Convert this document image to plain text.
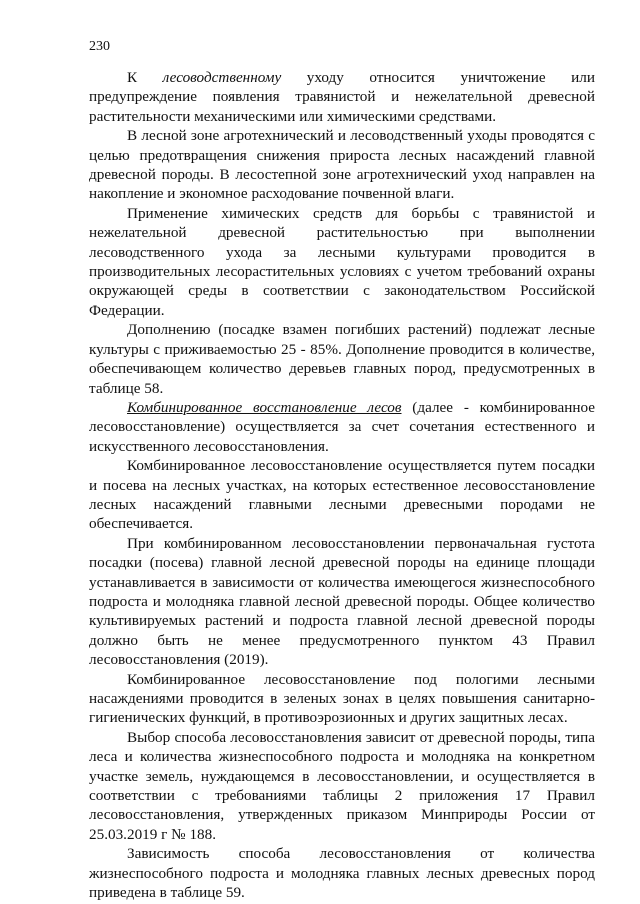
230

К лесоводственному уходу относится уничтожение или предупреждение появления травянистой и нежелательной древесной растительности механическими или химическими средствами.

В лесной зоне агротехнический и лесоводственный уходы проводятся с целью предотвращения снижения прироста лесных насаждений главной древесной породы. В лесостепной зоне агротехнический уход направлен на накопление и экономное расходование почвенной влаги.

Применение химических средств для борьбы с травянистой и нежелательной древесной растительностью при выполнении лесоводственного ухода за лесными культурами проводится в производительных лесорастительных условиях с учетом требований охраны окружающей среды в соответствии с законодательством Российской Федерации.

Дополнению (посадке взамен погибших растений) подлежат лесные культуры с приживаемостью 25 - 85%. Дополнение проводится в количестве, обеспечивающем количество деревьев главных пород, предусмотренных в таблице 58.

Комбинированное восстановление лесов (далее - комбинированное лесовосстановление) осуществляется за счет сочетания естественного и искусственного лесовосстановления.

Комбинированное лесовосстановление осуществляется путем посадки и посева на лесных участках, на которых естественное лесовосстановление лесных насаждений главными лесными древесными породами не обеспечивается.

При комбинированном лесовосстановлении первоначальная густота посадки (посева) главной лесной древесной породы на единице площади устанавливается в зависимости от количества имеющегося жизнеспособного подроста и молодняка главной лесной древесной породы. Общее количество культивируемых растений и подроста главной лесной древесной породы должно быть не менее предусмотренного пунктом 43 Правил лесовосстановления (2019).

Комбинированное лесовосстановление под пологими лесными насаждениями проводится в зеленых зонах в целях повышения санитарно-гигиенических функций, в противоэрозионных и других защитных лесах.

Выбор способа лесовосстановления зависит от древесной породы, типа леса и количества жизнеспособного подроста и молодняка на конкретном участке земель, нуждающемся в лесовосстановлении, и осуществляется в соответствии с требованиями таблицы 2 приложения 17 Правил лесовосстановления, утвержденных приказом Минприроды России от 25.03.2019 г № 188.

Зависимость способа лесовосстановления от количества жизнеспособного подроста и молодняка главных лесных древесных пород приведена в таблице 59.
